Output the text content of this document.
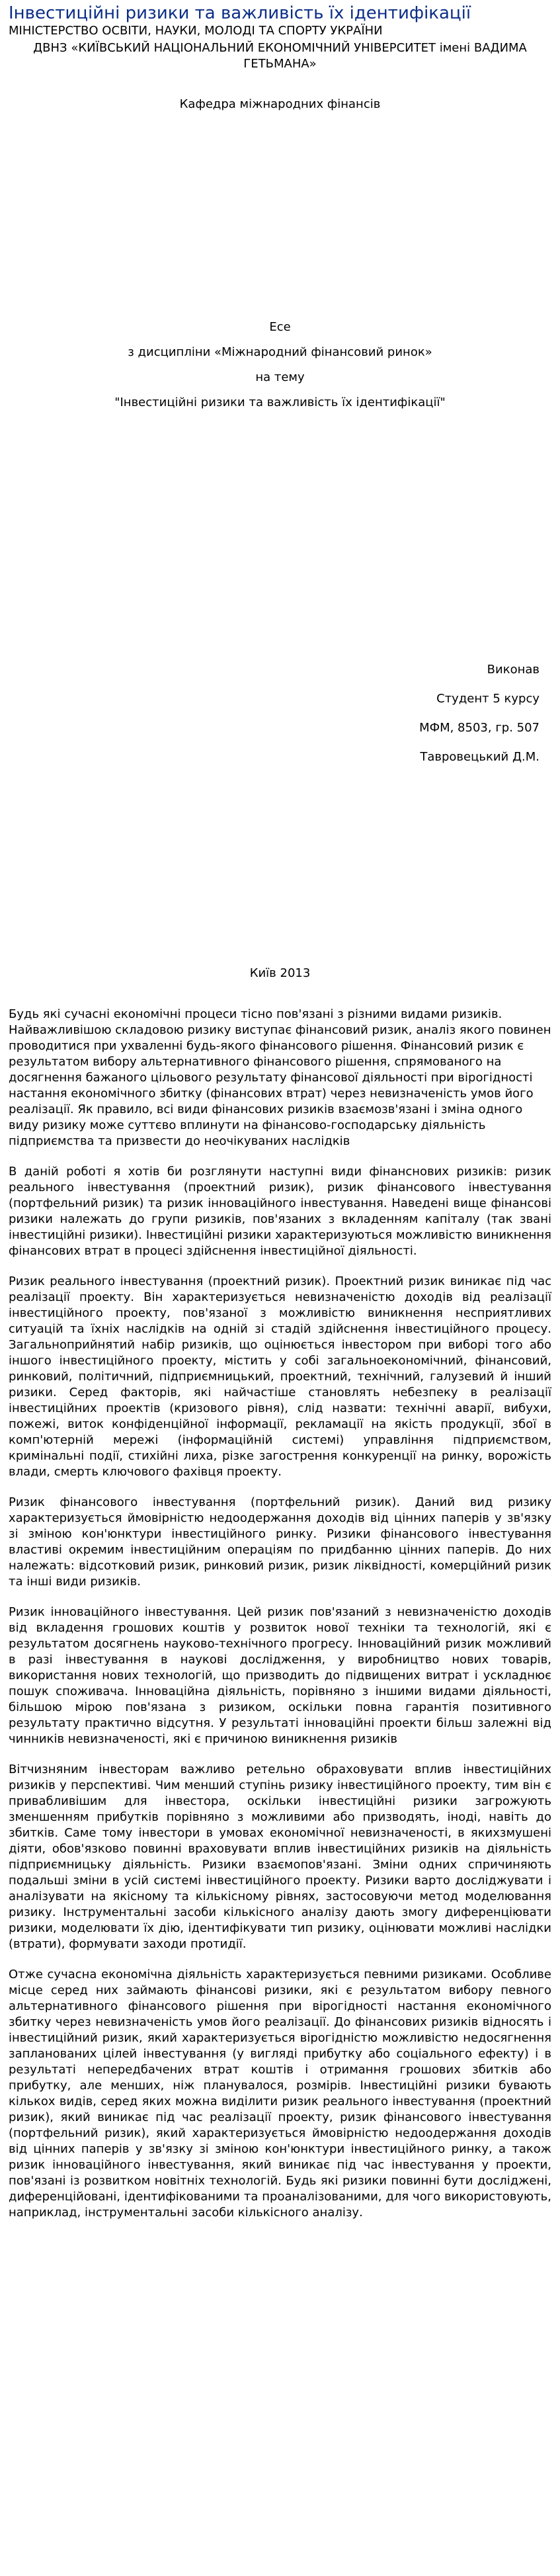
Інвестиційні ризики та важливість їх ідентифікації
МІНІСТЕРСТВО ОСВІТИ, НАУКИ, МОЛОДІ ТА СПОРТУ УКРАЇНИ
ДВНЗ «КИЇВСЬКИЙ НАЦІОНАЛЬНИЙ ЕКОНОМІЧНИЙ УНІВЕРСИТЕТ імені ВАДИМА ГЕТЬМАНА»
Кафедра міжнародних фінансів
Есе
з дисципліни «Міжнародний фінансовий ринок»
на тему
"Інвестиційні ризики та важливість їх ідентифікації"
Виконав
Студент 5 курсу
МФМ, 8503, гр. 507
Тавровецький Д.М.
Київ 2013

Будь які сучасні економічні процеси тісно пов'язані з різними видами ризиків. Найважливішою складовою ризику виступає фінансовий ризик, аналіз якого повинен проводитися при ухваленні будь-якого фінансового рішення. Фінансовий ризик є результатом вибору альтернативного фінансового рішення, спрямованого на досягнення бажаного цільового результату фінансової діяльності при вірогідності настання економічного збитку (фінансових втрат) через невизначеність умов його реалізації. Як правило, всі види фінансових ризиків взаємозв'язані і зміна одного виду ризику може суттєво вплинути на фінансово-господарську діяльність підприємства та призвести до неочікуваних наслідків

В даній роботі я хотів би розглянути наступні види фінанснових ризиків: ризик реального інвестування (проектний ризик), ризик фінансового інвестування (портфельний ризик) та ризик інноваційного інвестування. Наведені вище фінансові ризики належать до групи ризиків, пов'язаних з вкладенням капіталу (так звані інвестиційні ризики). Інвестиційні ризики характеризуються можливістю виникнення фінансових втрат в процесі здійснення інвестиційної діяльності.

Ризик реального інвестування (проектний ризик). Проектний ризик виникає під час реалізації проекту. Він характеризується невизначеністю доходів від реалізації інвестиційного проекту, пов'язаної з можливістю виникнення несприятливих ситуацій та їхніх наслідків на одній зі стадій здійснення інвестиційного процесу. Загальноприйнятий набір ризиків, що оцінюється інвестором при виборі того або іншого інвестиційного проекту, містить у собі загальноекономічний, фінансовий, ринковий, політичний, підприємницький, проектний, технічний, галузевий й інший ризики. Серед факторів, які найчастіше становлять небезпеку в реалізації інвестиційних проектів (кризового рівня), слід назвати: технічні аварії, вибухи, пожежі, виток конфіденційної інформації, рекламації на якість продукції, збої в комп'ютерній мережі (інформаційній системі) управління підприємством, кримінальні події, стихійні лиха, різке загострення конкуренції на ринку, ворожість влади, смерть ключового фахівця проекту.

Ризик фінансового інвестування (портфельний ризик). Даний вид ризику характеризується ймовірністю недоодержання доходів від цінних паперів у зв'язку зі зміною кон'юнктури інвестиційного ринку. Ризики фінансового інвестування властиві окремим інвестиційним операціям по придбанню цінних паперів. До них належать: відсотковий ризик, ринковий ризик, ризик ліквідності, комерційний ризик та інші види ризиків.

Ризик інноваційного інвестування. Цей ризик пов'язаний з невизначеністю доходів від вкладення грошових коштів у розвиток нової техніки та технологій, які є результатом досягнень науково-технічного прогресу. Інноваційний ризик можливий в разі інвестування в наукові дослідження, у виробництво нових товарів, використання нових технологій, що призводить до підвищених витрат і ускладнює пошук споживача. Інноваційна діяльність, порівняно з іншими видами діяльності, більшою мірою пов'язана з ризиком, оскільки повна гарантія позитивного результату практично відсутня. У результаті інноваційні проекти більш залежні від чинників невизначеності, які є причиною виникнення ризиків

Вітчизняним інвесторам важливо ретельно обраховувати вплив інвестиційних ризиків у перспективі. Чим менший ступінь ризику інвестиційного проекту, тим він є привабливішим для інвестора, оскільки інвестиційні ризики загрожують зменшенням прибутків порівняно з можливими або призводять, іноді, навіть до збитків. Саме тому інвестори в умовах економічної невизначеності, в якихзмушені діяти, обов'язково повинні враховувати вплив інвестиційних ризиків на діяльність підприємницьку діяльність. Ризики взаємопов'язані. Зміни одних спричиняють подальші зміни в усій системі інвестиційного проекту. Ризики варто досліджувати і аналізувати на якісному та кількісному рівнях, застосовуючи метод моделювання ризику. Інструментальні засоби кількісного аналізу дають змогу диференціювати ризики, моделювати їх дію, ідентифікувати тип ризику, оцінювати можливі наслідки (втрати), формувати заходи протидії.

Отже сучасна економічна діяльність характеризується певними ризиками. Особливе місце серед них займають фінансові ризики, які є результатом вибору певного альтернативного фінансового рішення при вірогідності настання економічного збитку через невизначеність умов його реалізації. До фінансових ризиків відносять і інвестиційний ризик, який характеризується вірогідністю можливістю недосягнення запланованих цілей інвестування (у вигляді прибутку або соціального ефекту) і в результаті непередбачених втрат коштів і отримання грошових збитків або прибутку, але менших, ніж планувалося, розмірів. Інвестиційні ризики бувають кількох видів, серед яких можна виділити ризик реального інвестування (проектний ризик), який виникає під час реалізації проекту, ризик фінансового інвестування (портфельний ризик), який характеризується ймовірністю недоодержання доходів від цінних паперів у зв'язку зі зміною кон'юнктури інвестиційного ринку, а також ризик інноваційного інвестування, який виникає під час інвестування у проекти, пов'язані із розвитком новітніх технологій. Будь які ризики повинні бути досліджені, диференційовані, ідентифікованими та проаналізованими, для чого використовують, наприклад, інструментальні засоби кількісного аналізу.
